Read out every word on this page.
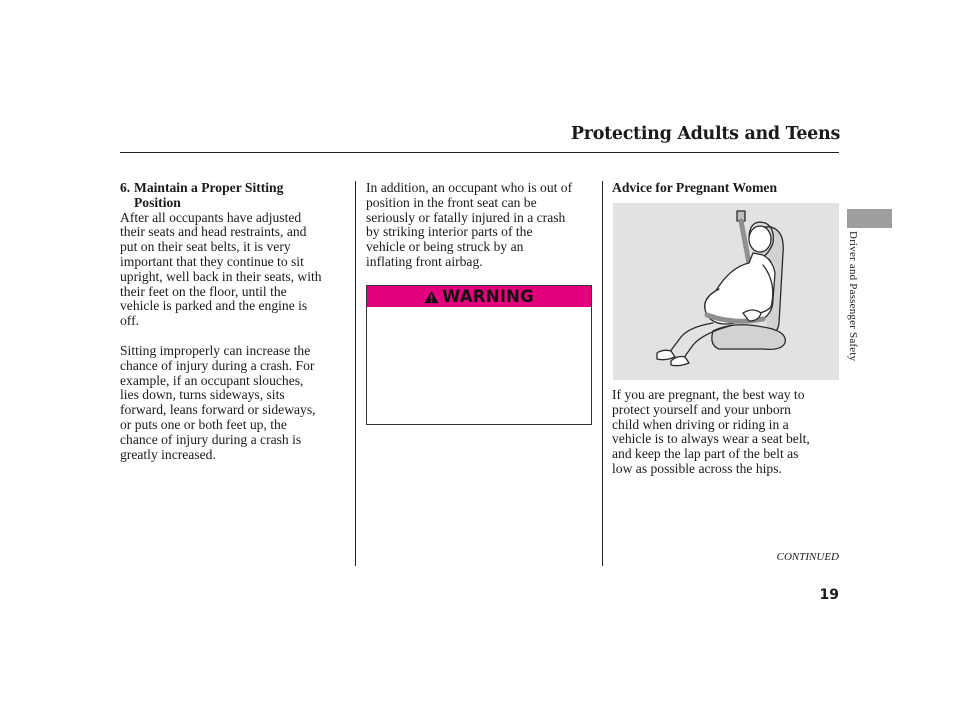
Protecting Adults and Teens
6. Maintain a Proper Sitting
Position

After all occupants have adjusted
their seats and head restraints, and
put on their seat belts, it is very
important that they continue to sit
upright, well back in their seats, with
their feet on the floor, until the
vehicle is parked and the engine is
off.

Sitting improperly can increase the
chance of injury during a crash. For
example, if an occupant slouches,
lies down, turns sideways, sits
forward, leans forward or sideways,
or puts one or both feet up, the
chance of injury during a crash is
greatly increased.

In addition, an occupant who is out of
position in the front seat can be
seriously or fatally injured in a crash
by striking interior parts of the
vehicle or being struck by an
inflating front airbag.

WARNING

Advice for Pregnant Women

If you are pregnant, the best way to
protect yourself and your unborn
child when driving or riding in a
vehicle is to always wear a seat belt,
and keep the lap part of the belt as
low as possible across the hips.

Driver and Passenger Safety
CONTINUED
19
